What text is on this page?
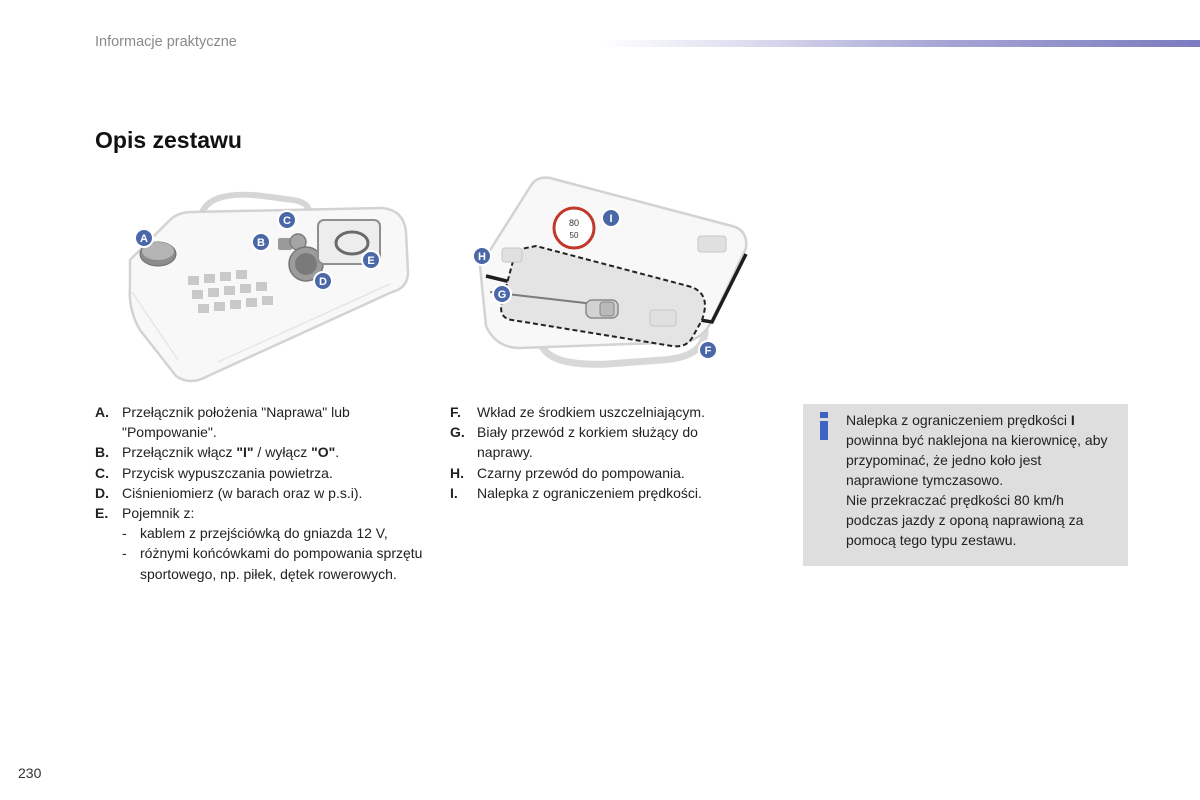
Informacje praktyczne
Opis zestawu
A	B
C
D
E
80
50
I
H
G
F
A. Przełącznik położenia "Naprawa" lub "Pompowanie".
B. Przełącznik włącz "I" / wyłącz "O".
C. Przycisk wypuszczania powietrza.
D. Ciśnieniomierz (w barach oraz w p.s.i).
E. Pojemnik z:
- kablem z przejściówką do gniazda 12 V,
- różnymi końcówkami do pompowania sprzętu sportowego, np. piłek, dętek rowerowych.
F.	Wkład ze środkiem uszczelniającym.
G. Biały przewód z korkiem służący do naprawy.
H. Czarny przewód do pompowania.
I.	Nalepka z ograniczeniem prędkości.
Nalepka z ograniczeniem prędkości I powinna być naklejona na kierownicę, aby przypominać, że jedno koło jest naprawione tymczasowo.
Nie przekraczać prędkości 80 km/h podczas jazdy z oponą naprawioną za pomocą tego typu zestawu.
230
